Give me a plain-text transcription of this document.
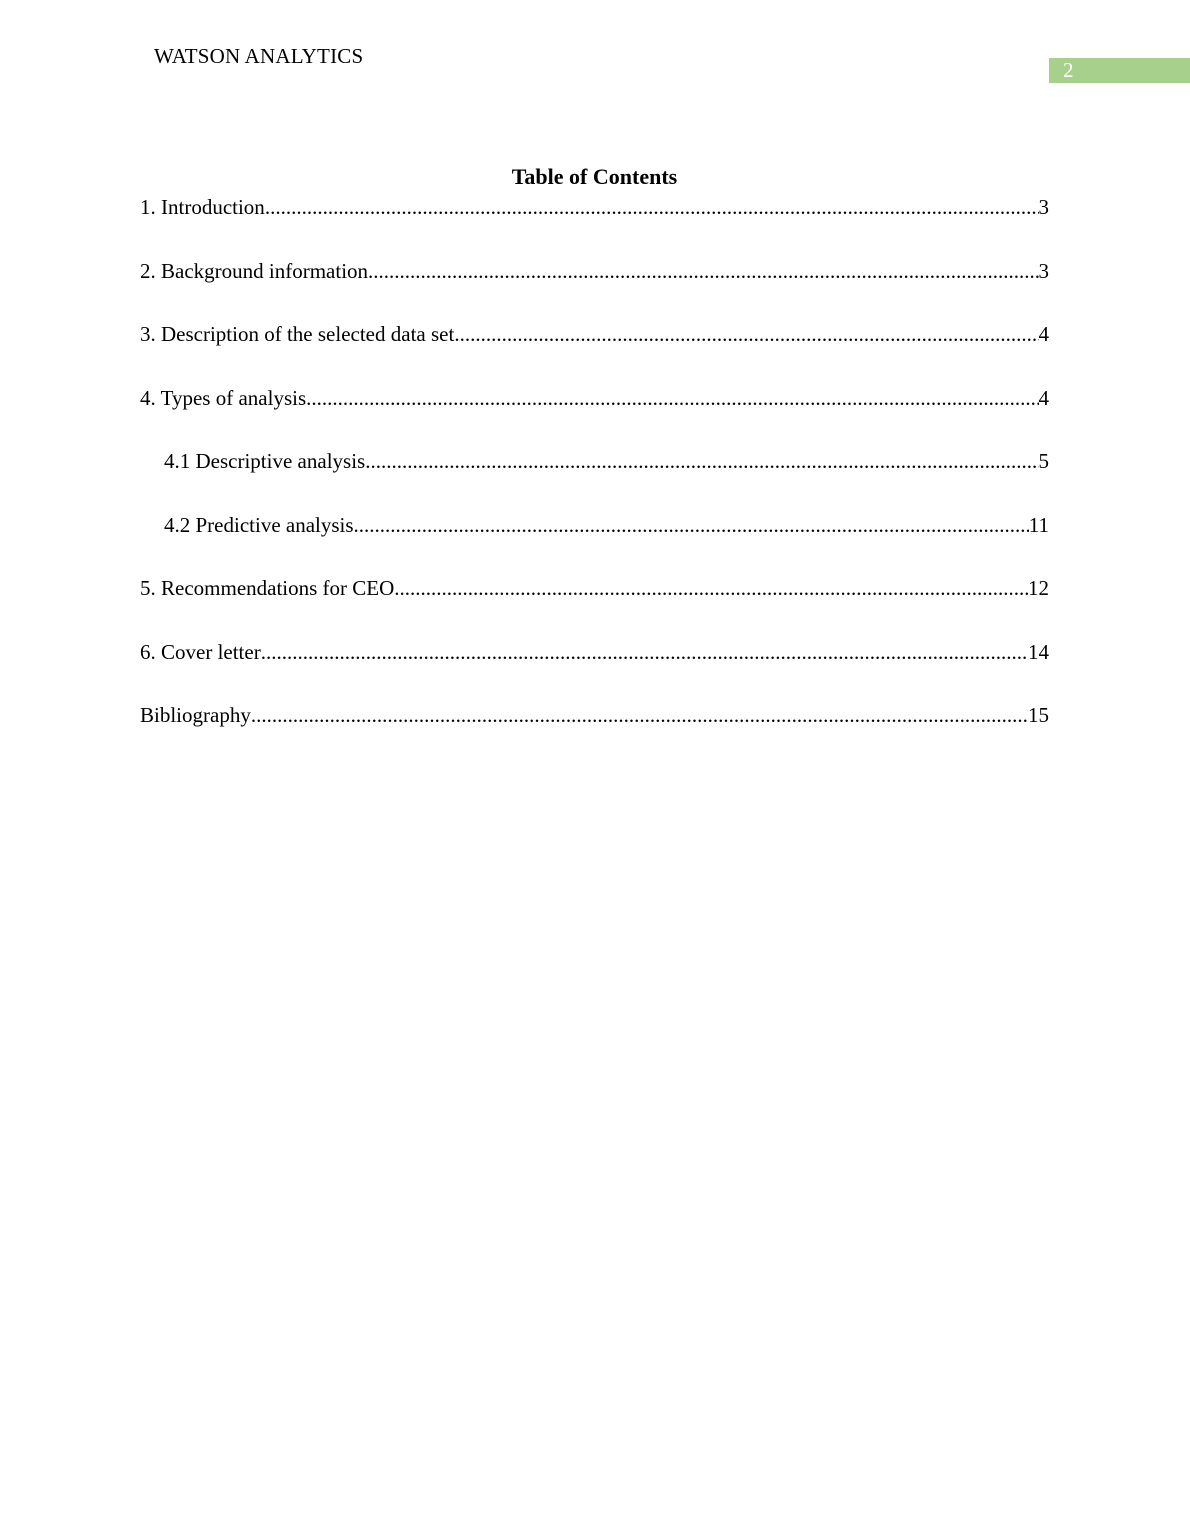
WATSON ANALYTICS
2
Table of Contents
1. Introduction .....	3
2. Background information .....	3
3. Description of the selected data set .....	4
4. Types of analysis .....	4
4.1 Descriptive analysis .....	5
4.2 Predictive analysis .....	11
5. Recommendations for CEO .....	12
6. Cover letter .....	14
Bibliography .....	15
